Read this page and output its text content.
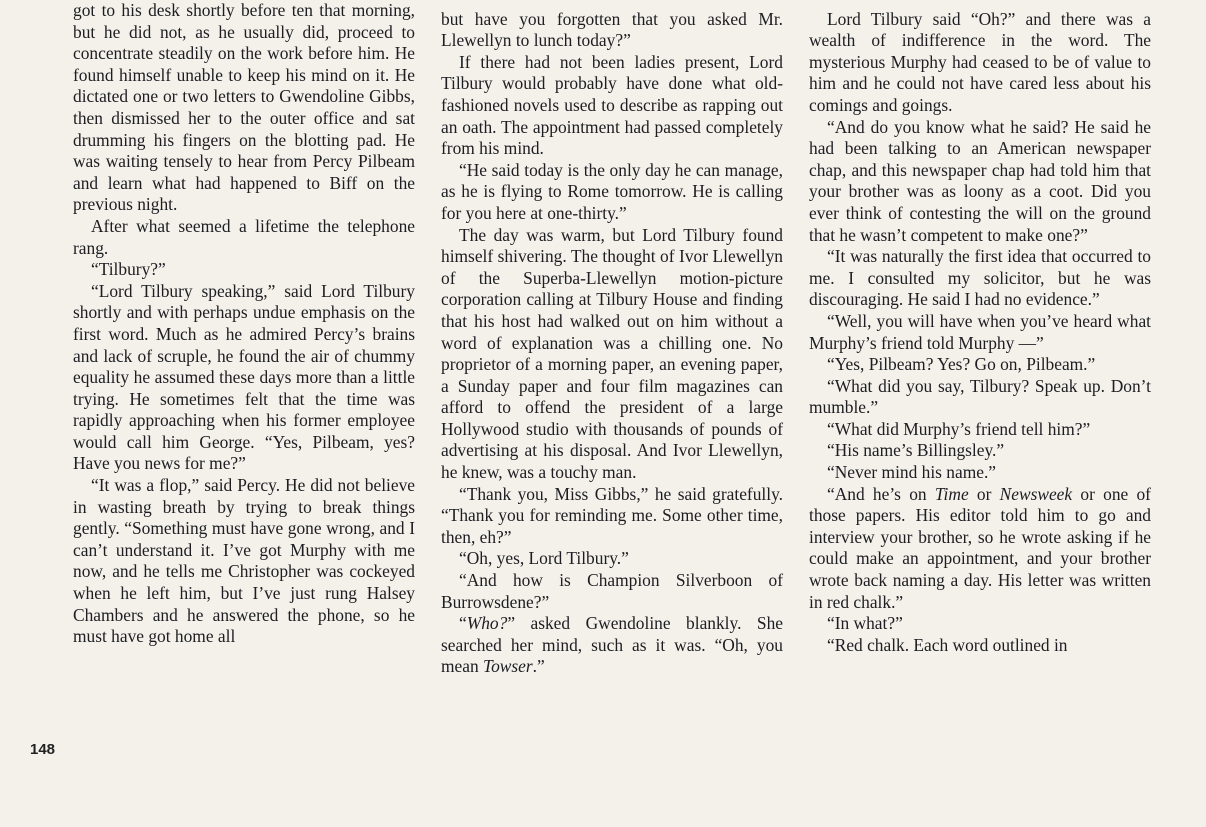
got to his desk shortly before ten that morning, but he did not, as he usually did, proceed to concentrate steadily on the work before him. He found himself unable to keep his mind on it. He dictated one or two letters to Gwendoline Gibbs, then dismissed her to the outer office and sat drumming his fingers on the blotting pad. He was waiting tensely to hear from Percy Pilbeam and learn what had happened to Biff on the previous night.

After what seemed a lifetime the telephone rang.

“Tilbury?”

“Lord Tilbury speaking,” said Lord Tilbury shortly and with perhaps undue emphasis on the first word. Much as he admired Percy’s brains and lack of scruple, he found the air of chummy equality he assumed these days more than a little trying. He sometimes felt that the time was rapidly approaching when his former employee would call him George. “Yes, Pilbeam, yes? Have you news for me?”

“It was a flop,” said Percy. He did not believe in wasting breath by trying to break things gently. “Something must have gone wrong, and I can’t understand it. I’ve got Murphy with me now, and he tells me Christopher was cockeyed when he left him, but I’ve just rung Halsey Chambers and he answered the phone, so he must have got home all

but have you forgotten that you asked Mr. Llewellyn to lunch today?”

If there had not been ladies present, Lord Tilbury would probably have done what old-fashioned novels used to describe as rapping out an oath. The appointment had passed completely from his mind.

“He said today is the only day he can manage, as he is flying to Rome tomorrow. He is calling for you here at one-thirty.”

The day was warm, but Lord Tilbury found himself shivering. The thought of Ivor Llewellyn of the Superba-Llewellyn motion-picture corporation calling at Tilbury House and finding that his host had walked out on him without a word of explanation was a chilling one. No proprietor of a morning paper, an evening paper, a Sunday paper and four film magazines can afford to offend the president of a large Hollywood studio with thousands of pounds of advertising at his disposal. And Ivor Llewellyn, he knew, was a touchy man.

“Thank you, Miss Gibbs,” he said gratefully. “Thank you for reminding me. Some other time, then, eh?”

“Oh, yes, Lord Tilbury.”

“And how is Champion Silverboon of Burrowsdene?”

“Who?” asked Gwendoline blankly. She searched her mind, such as it was. “Oh, you mean Towser.”

Lord Tilbury said “Oh?” and there was a wealth of indifference in the word. The mysterious Murphy had ceased to be of value to him and he could not have cared less about his comings and goings.

“And do you know what he said? He said he had been talking to an American newspaper chap, and this newspaper chap had told him that your brother was as loony as a coot. Did you ever think of contesting the will on the ground that he wasn’t competent to make one?”

“It was naturally the first idea that occurred to me. I consulted my solicitor, but he was discouraging. He said I had no evidence.”

“Well, you will have when you’ve heard what Murphy’s friend told Murphy —”

“Yes, Pilbeam? Yes? Go on, Pilbeam.”

“What did you say, Tilbury? Speak up. Don’t mumble.”

“What did Murphy’s friend tell him?”

“His name’s Billingsley.”

“Never mind his name.”

“And he’s on Time or Newsweek or one of those papers. His editor told him to go and interview your brother, so he wrote asking if he could make an appointment, and your brother wrote back naming a day. His letter was written in red chalk.”

“In what?”

“Red chalk. Each word outlined in

148
